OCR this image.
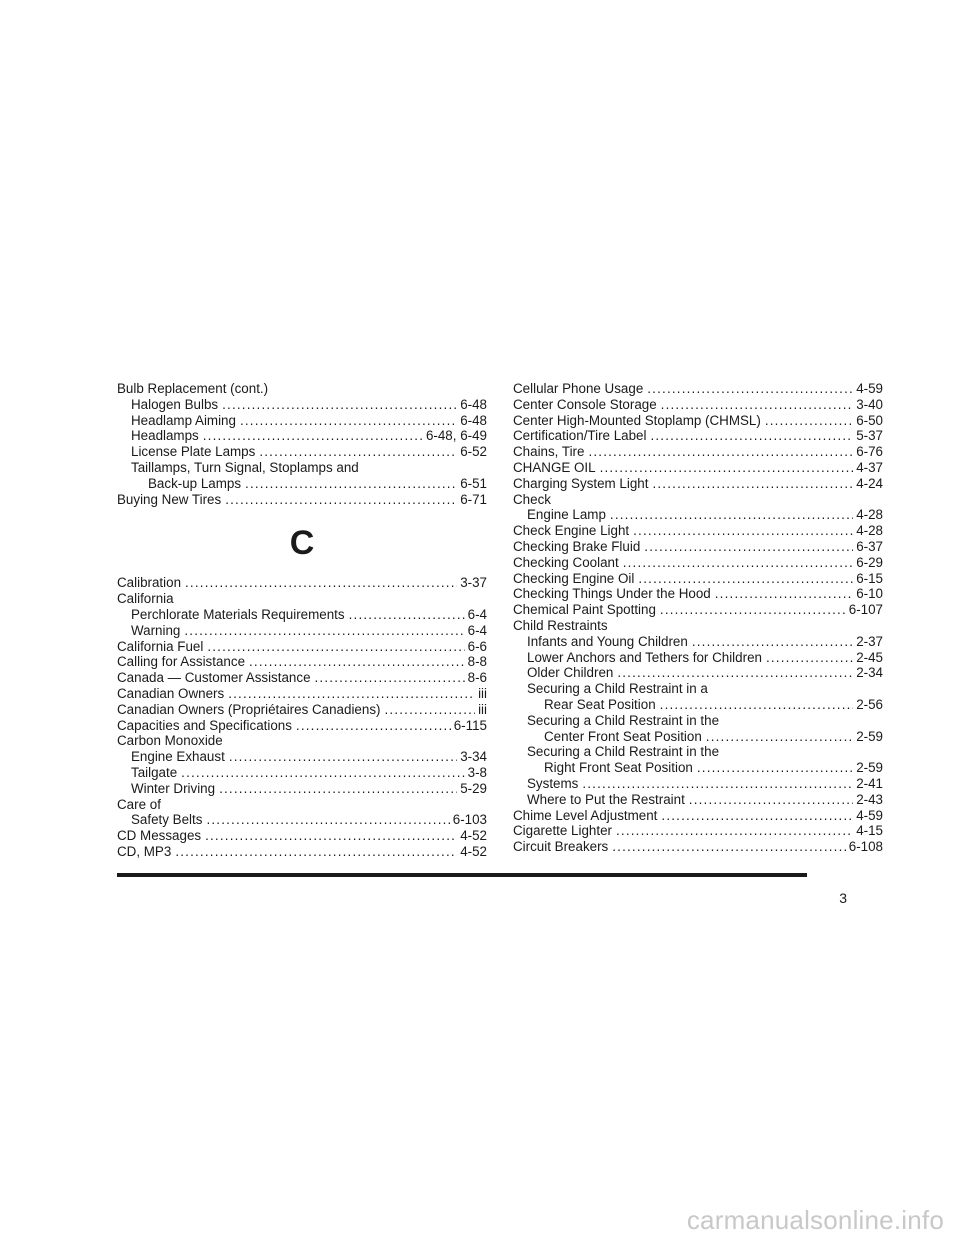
Bulb Replacement (cont.)
Halogen Bulbs .....	6-48
Headlamp Aiming .....	6-48
Headlamps .....	6-48, 6-49
License Plate Lamps .....	6-52
Taillamps, Turn Signal, Stoplamps and
Back-up Lamps .....	6-51
Buying New Tires .....	6-71
C
Calibration .....	3-37
California
Perchlorate Materials Requirements .....	6-4
Warning .....	6-4
California Fuel .....	6-6
Calling for Assistance .....	8-8
Canada — Customer Assistance .....	8-6
Canadian Owners .....	iii
Canadian Owners (Propriétaires Canadiens) .....	iii
Capacities and Specifications .....	6-115
Carbon Monoxide
Engine Exhaust .....	3-34
Tailgate .....	3-8
Winter Driving .....	5-29
Care of
Safety Belts .....	6-103
CD Messages .....	4-52
CD, MP3 .....	4-52
Cellular Phone Usage .....	4-59
Center Console Storage .....	3-40
Center High-Mounted Stoplamp (CHMSL) .....	6-50
Certification/Tire Label .....	5-37
Chains, Tire .....	6-76
CHANGE OIL .....	4-37
Charging System Light .....	4-24
Check
Engine Lamp .....	4-28
Check Engine Light .....	4-28
Checking Brake Fluid .....	6-37
Checking Coolant .....	6-29
Checking Engine Oil .....	6-15
Checking Things Under the Hood .....	6-10
Chemical Paint Spotting .....	6-107
Child Restraints
Infants and Young Children .....	2-37
Lower Anchors and Tethers for Children .....	2-45
Older Children .....	2-34
Securing a Child Restraint in a
Rear Seat Position .....	2-56
Securing a Child Restraint in the
Center Front Seat Position .....	2-59
Securing a Child Restraint in the
Right Front Seat Position .....	2-59
Systems .....	2-41
Where to Put the Restraint .....	2-43
Chime Level Adjustment .....	4-59
Cigarette Lighter .....	4-15
Circuit Breakers .....	6-108
3
carmanualsonline.info
